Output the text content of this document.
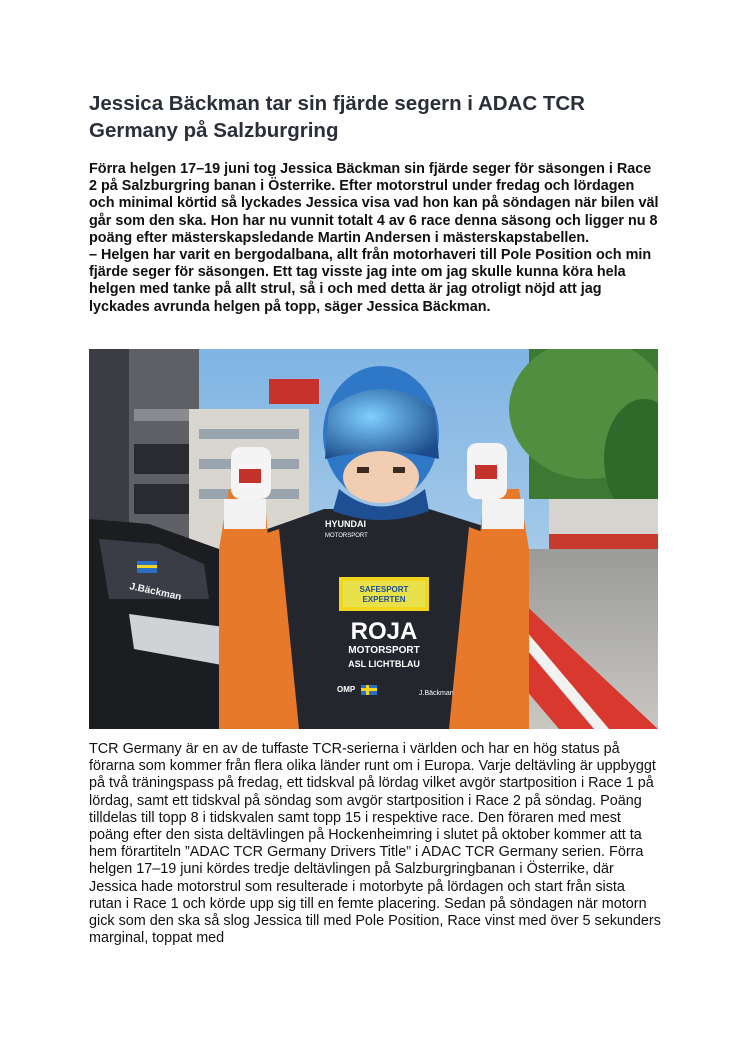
Jessica Bäckman tar sin fjärde segern i ADAC TCR Germany på Salzburgring

Förra helgen 17–19 juni tog Jessica Bäckman sin fjärde seger för säsongen i Race 2 på Salzburgring banan i Österrike. Efter motorstrul under fredag och lördagen och minimal körtid så lyckades Jessica visa vad hon kan på söndagen när bilen väl går som den ska. Hon har nu vunnit totalt 4 av 6 race denna säsong och ligger nu 8 poäng efter mästerskapsledande Martin Andersen i mästerskapstabellen.

– Helgen har varit en bergodalbana, allt från motorhaveri till Pole Position och min fjärde seger för säsongen. Ett tag visste jag inte om jag skulle kunna köra hela helgen med tanke på allt strul, så i och med detta är jag otroligt nöjd att jag lyckades avrunda helgen på topp, säger Jessica Bäckman.

J.Bäckman
HYUNDAI
MOTORSPORT
SAFESPORT EXPERTEN
ROJA
MOTORSPORT
ASL LICHTBLAU
OMP	J.Bäckman

TCR Germany är en av de tuffaste TCR-serierna i världen och har en hög status på förarna som kommer från flera olika länder runt om i Europa. Varje deltävling är uppbyggt på två träningspass på fredag, ett tidskval på lördag vilket avgör startposition i Race 1 på lördag, samt ett tidskval på söndag som avgör startposition i Race 2 på söndag. Poäng tilldelas till topp 8 i tidskvalen samt topp 15 i respektive race. Den föraren med mest poäng efter den sista deltävlingen på Hockenheimring i slutet på oktober kommer att ta hem förartiteln ”ADAC TCR Germany Drivers Title” i ADAC TCR Germany serien. Förra helgen 17–19 juni kördes tredje deltävlingen på Salzburgringbanan i Österrike, där Jessica hade motorstrul som resulterade i motorbyte på lördagen och start från sista rutan i Race 1 och körde upp sig till en femte placering. Sedan på söndagen när motorn gick som den ska så slog Jessica till med Pole Position, Race vinst med över 5 sekunders marginal, toppat med
